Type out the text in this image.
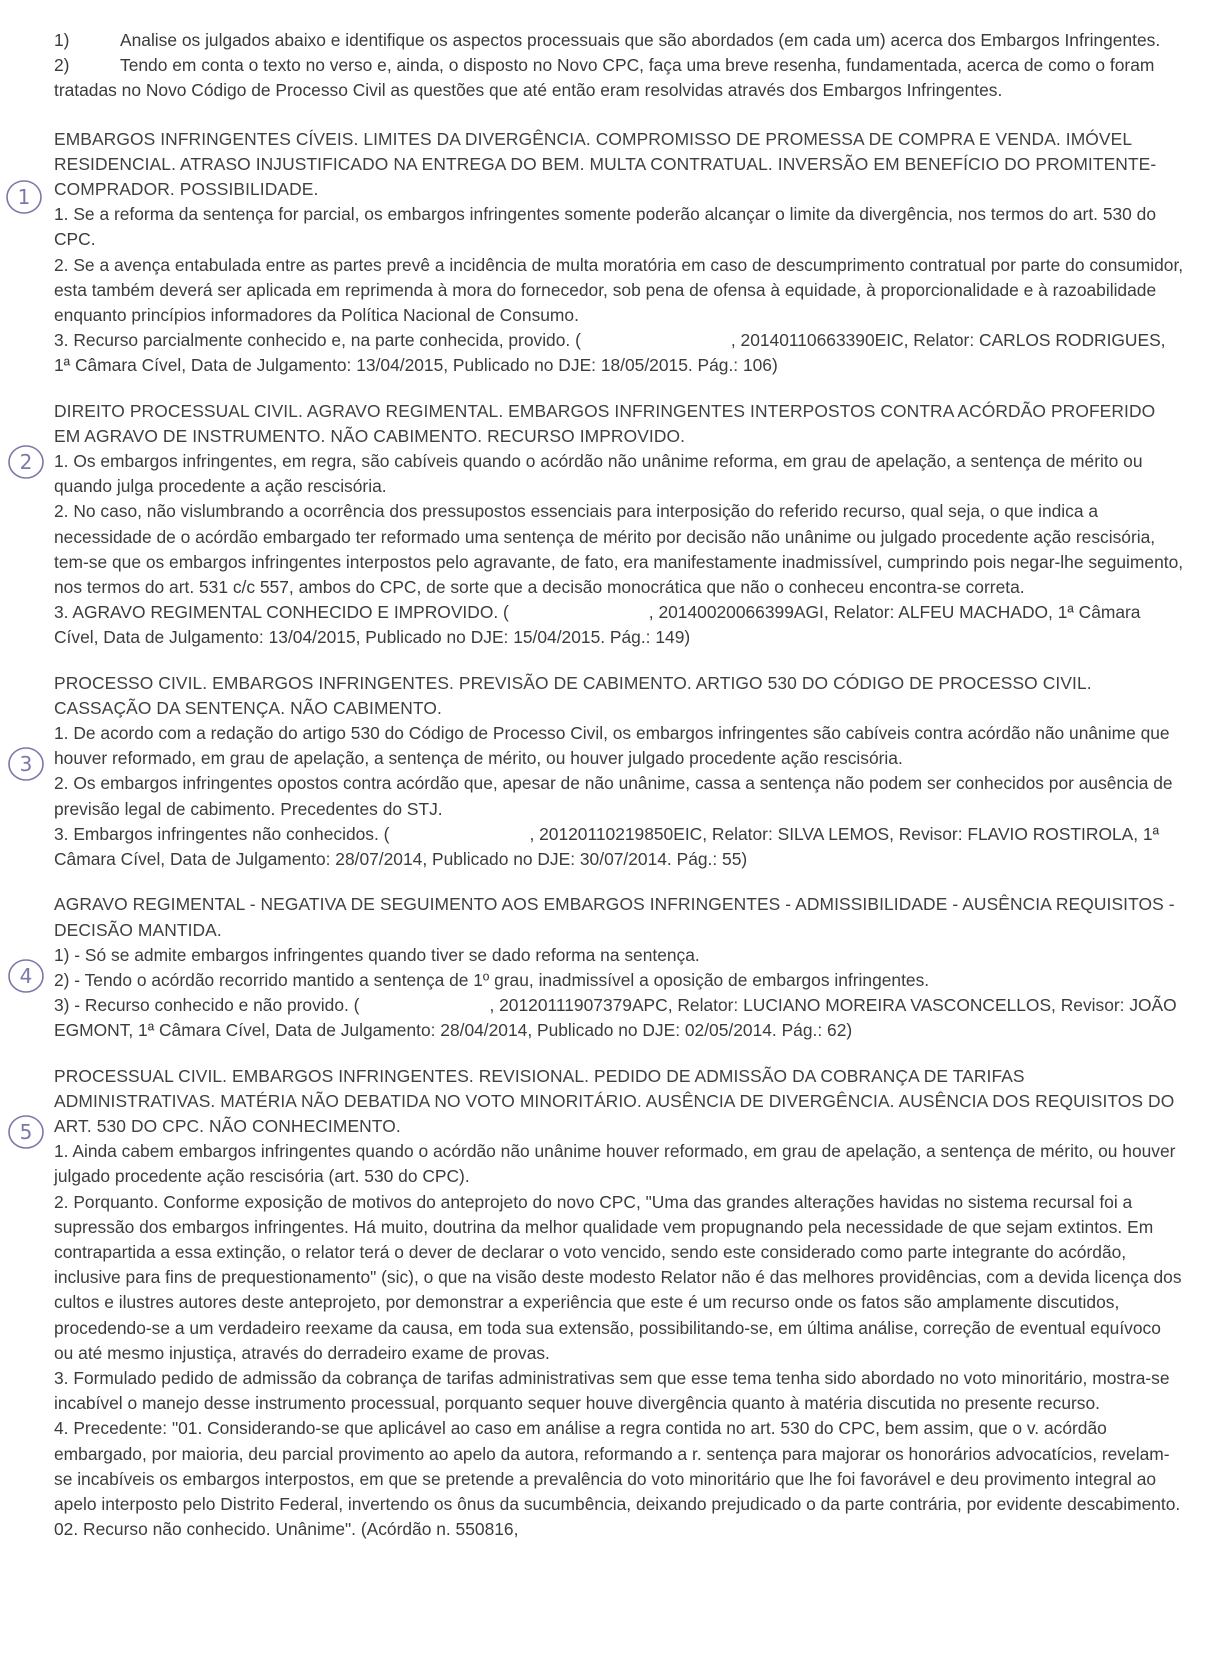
1
2
3
4
5
1)	Analise os julgados abaixo e identifique os aspectos processuais que são abordados (em cada um) acerca dos Embargos Infringentes.
2)	Tendo em conta o texto no verso e, ainda, o disposto no Novo CPC, faça uma breve resenha, fundamentada, acerca de como o foram tratadas no Novo Código de Processo Civil as questões que até então eram resolvidas através dos Embargos Infringentes.

EMBARGOS INFRINGENTES CÍVEIS. LIMITES DA DIVERGÊNCIA. COMPROMISSO DE PROMESSA DE COMPRA E VENDA. IMÓVEL RESIDENCIAL. ATRASO INJUSTIFICADO NA ENTREGA DO BEM. MULTA CONTRATUAL. INVERSÃO EM BENEFÍCIO DO PROMITENTE-COMPRADOR. POSSIBILIDADE.

1. Se a reforma da sentença for parcial, os embargos infringentes somente poderão alcançar o limite da divergência, nos termos do art. 530 do CPC.

2. Se a avença entabulada entre as partes prevê a incidência de multa moratória em caso de descumprimento contratual por parte do consumidor, esta também deverá ser aplicada em reprimenda à mora do fornecedor, sob pena de ofensa à equidade, à proporcionalidade e à razoabilidade enquanto princípios informadores da Política Nacional de Consumo.

3. Recurso parcialmente conhecido e, na parte conhecida, provido. (	, 20140110663390EIC, Relator: CARLOS RODRIGUES, 1ª Câmara Cível, Data de Julgamento: 13/04/2015, Publicado no DJE: 18/05/2015. Pág.: 106)

DIREITO PROCESSUAL CIVIL. AGRAVO REGIMENTAL. EMBARGOS INFRINGENTES INTERPOSTOS CONTRA ACÓRDÃO PROFERIDO EM AGRAVO DE INSTRUMENTO. NÃO CABIMENTO. RECURSO IMPROVIDO.

1. Os embargos infringentes, em regra, são cabíveis quando o acórdão não unânime reforma, em grau de apelação, a sentença de mérito ou quando julga procedente a ação rescisória.

2. No caso, não vislumbrando a ocorrência dos pressupostos essenciais para interposição do referido recurso, qual seja, o que indica a necessidade de o acórdão embargado ter reformado uma sentença de mérito por decisão não unânime ou julgado procedente ação rescisória, tem-se que os embargos infringentes interpostos pelo agravante, de fato, era manifestamente inadmissível, cumprindo pois negar-lhe seguimento, nos termos do art. 531 c/c 557, ambos do CPC, de sorte que a decisão monocrática que não o conheceu encontra-se correta.

3. AGRAVO REGIMENTAL CONHECIDO E IMPROVIDO. (	, 20140020066399AGI, Relator: ALFEU MACHADO, 1ª Câmara Cível, Data de Julgamento: 13/04/2015, Publicado no DJE: 15/04/2015. Pág.: 149)

PROCESSO CIVIL. EMBARGOS INFRINGENTES. PREVISÃO DE CABIMENTO. ARTIGO 530 DO CÓDIGO DE PROCESSO CIVIL. CASSAÇÃO DA SENTENÇA. NÃO CABIMENTO.

1. De acordo com a redação do artigo 530 do Código de Processo Civil, os embargos infringentes são cabíveis contra acórdão não unânime que houver reformado, em grau de apelação, a sentença de mérito, ou houver julgado procedente ação rescisória.

2. Os embargos infringentes opostos contra acórdão que, apesar de não unânime, cassa a sentença não podem ser conhecidos por ausência de previsão legal de cabimento. Precedentes do STJ.

3. Embargos infringentes não conhecidos. (	, 20120110219850EIC, Relator: SILVA LEMOS, Revisor: FLAVIO ROSTIROLA, 1ª Câmara Cível, Data de Julgamento: 28/07/2014, Publicado no DJE: 30/07/2014. Pág.: 55)

AGRAVO REGIMENTAL - NEGATIVA DE SEGUIMENTO AOS EMBARGOS INFRINGENTES - ADMISSIBILIDADE - AUSÊNCIA REQUISITOS - DECISÃO MANTIDA.

1) - Só se admite embargos infringentes quando tiver se dado reforma na sentença.

2) - Tendo o acórdão recorrido mantido a sentença de 1º grau, inadmissível a oposição de embargos infringentes.

3) - Recurso conhecido e não provido. (	, 20120111907379APC, Relator: LUCIANO MOREIRA VASCONCELLOS, Revisor: JOÃO EGMONT, 1ª Câmara Cível, Data de Julgamento: 28/04/2014, Publicado no DJE: 02/05/2014. Pág.: 62)

PROCESSUAL CIVIL. EMBARGOS INFRINGENTES. REVISIONAL. PEDIDO DE ADMISSÃO DA COBRANÇA DE TARIFAS ADMINISTRATIVAS. MATÉRIA NÃO DEBATIDA NO VOTO MINORITÁRIO. AUSÊNCIA DE DIVERGÊNCIA. AUSÊNCIA DOS REQUISITOS DO ART. 530 DO CPC. NÃO CONHECIMENTO.

1. Ainda cabem embargos infringentes quando o acórdão não unânime houver reformado, em grau de apelação, a sentença de mérito, ou houver julgado procedente ação rescisória (art. 530 do CPC).

2. Porquanto. Conforme exposição de motivos do anteprojeto do novo CPC, "Uma das grandes alterações havidas no sistema recursal foi a supressão dos embargos infringentes. Há muito, doutrina da melhor qualidade vem propugnando pela necessidade de que sejam extintos. Em contrapartida a essa extinção, o relator terá o dever de declarar o voto vencido, sendo este considerado como parte integrante do acórdão, inclusive para fins de prequestionamento" (sic), o que na visão deste modesto Relator não é das melhores providências, com a devida licença dos cultos e ilustres autores deste anteprojeto, por demonstrar a experiência que este é um recurso onde os fatos são amplamente discutidos, procedendo-se a um verdadeiro reexame da causa, em toda sua extensão, possibilitando-se, em última análise, correção de eventual equívoco ou até mesmo injustiça, através do derradeiro exame de provas.

3. Formulado pedido de admissão da cobrança de tarifas administrativas sem que esse tema tenha sido abordado no voto minoritário, mostra-se incabível o manejo desse instrumento processual, porquanto sequer houve divergência quanto à matéria discutida no presente recurso.

4. Precedente: "01. Considerando-se que aplicável ao caso em análise a regra contida no art. 530 do CPC, bem assim, que o v. acórdão embargado, por maioria, deu parcial provimento ao apelo da autora, reformando a r. sentença para majorar os honorários advocatícios, revelam-se incabíveis os embargos interpostos, em que se pretende a prevalência do voto minoritário que lhe foi favorável e deu provimento integral ao apelo interposto pelo Distrito Federal, invertendo os ônus da sucumbência, deixando prejudicado o da parte contrária, por evidente descabimento. 02. Recurso não conhecido. Unânime". (Acórdão n. 550816,
